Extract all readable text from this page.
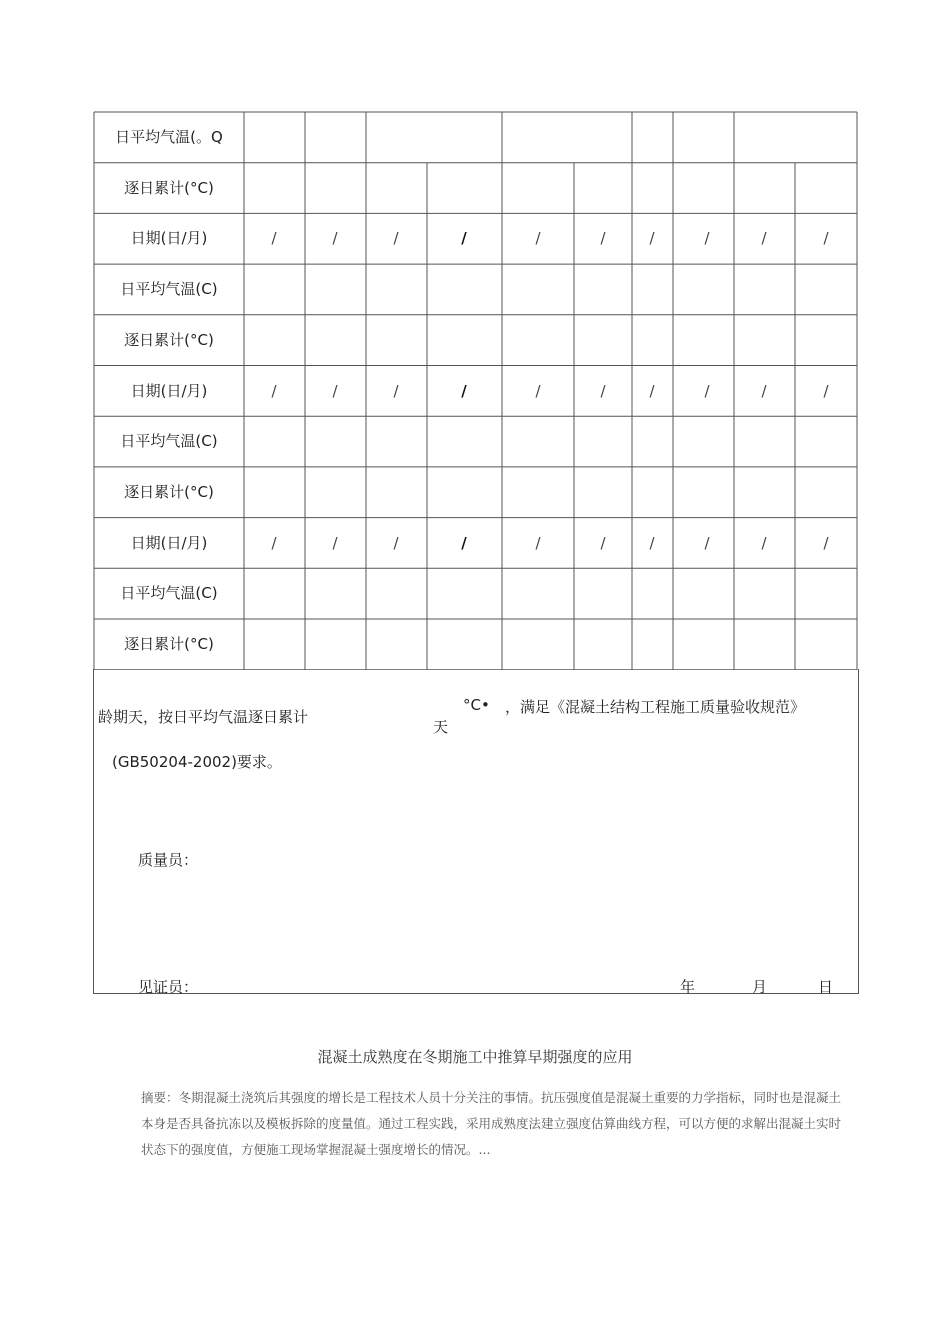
日平均气温(。Q
逐日累计(°C)
日期(日/月)	/	/	/	/	/	/	/	/	/	/
日平均气温(C)
逐日累计(°C)
日期(日/月)	/	/	/	/	/	/	/	/	/	/
日平均气温(C)
逐日累计(°C)
日期(日/月)	/	/	/	/	/	/	/	/	/	/
日平均气温(C)
逐日累计(°C)
龄期天，按日平均气温逐日累计
天
°C• ，满足《混凝土结构工程施工质量验收规范》
(GB50204-2002)要求。
质量员：
见证员：	年	月	日
混凝土成熟度在冬期施工中推算早期强度的应用
摘要：冬期混凝土浇筑后其强度的增长是工程技术人员十分关注的事情。抗压强度值是混凝土重要的力学指标，同时也是混凝土本身是否具备抗冻以及模板拆除的度量值。通过工程实践，采用成熟度法建立强度估算曲线方程，可以方便的求解出混凝土实时状态下的强度值，方便施工现场掌握混凝土强度增长的情况。...
